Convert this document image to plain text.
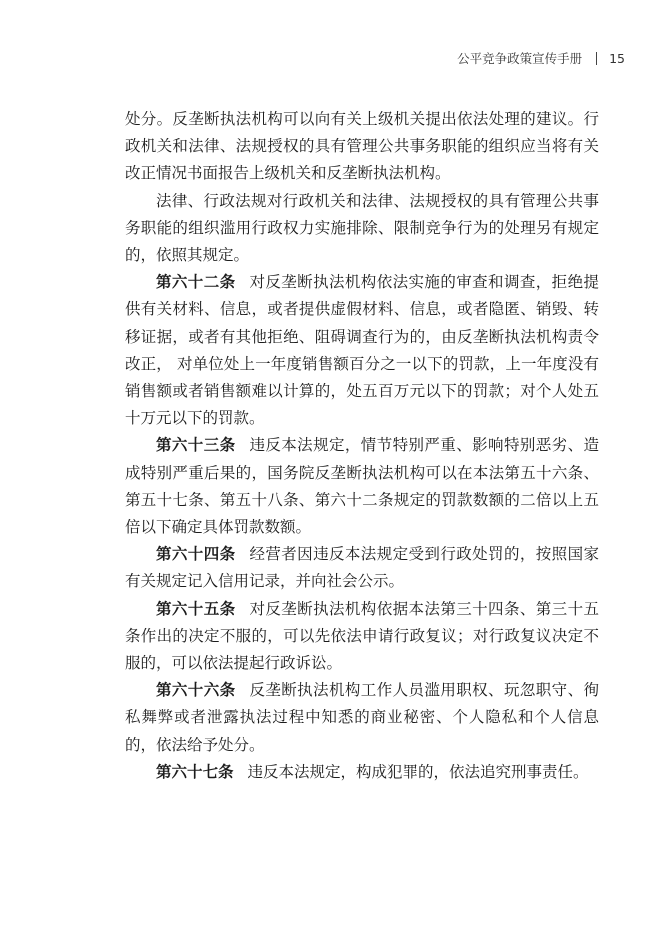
公平竞争政策宣传手册 15

处分。反垄断执法机构可以向有关上级机关提出依法处理的建议。行政机关和法律、法规授权的具有管理公共事务职能的组织应当将有关改正情况书面报告上级机关和反垄断执法机构。

法律、行政法规对行政机关和法律、法规授权的具有管理公共事务职能的组织滥用行政权力实施排除、限制竞争行为的处理另有规定的，依照其规定。

第六十二条 对反垄断执法机构依法实施的审查和调查，拒绝提供有关材料、信息，或者提供虚假材料、信息，或者隐匿、销毁、转移证据，或者有其他拒绝、阻碍调查行为的，由反垄断执法机构责令改正， 对单位处上一年度销售额百分之一以下的罚款，上一年度没有销售额或者销售额难以计算的，处五百万元以下的罚款；对个人处五十万元以下的罚款。

第六十三条 违反本法规定，情节特别严重、影响特别恶劣、造成特别严重后果的，国务院反垄断执法机构可以在本法第五十六条、第五十七条、第五十八条、第六十二条规定的罚款数额的二倍以上五倍以下确定具体罚款数额。

第六十四条 经营者因违反本法规定受到行政处罚的，按照国家有关规定记入信用记录，并向社会公示。

第六十五条 对反垄断执法机构依据本法第三十四条、第三十五条作出的决定不服的，可以先依法申请行政复议；对行政复议决定不服的，可以依法提起行政诉讼。

第六十六条 反垄断执法机构工作人员滥用职权、玩忽职守、徇私舞弊或者泄露执法过程中知悉的商业秘密、个人隐私和个人信息的，依法给予处分。

第六十七条 违反本法规定，构成犯罪的，依法追究刑事责任。
